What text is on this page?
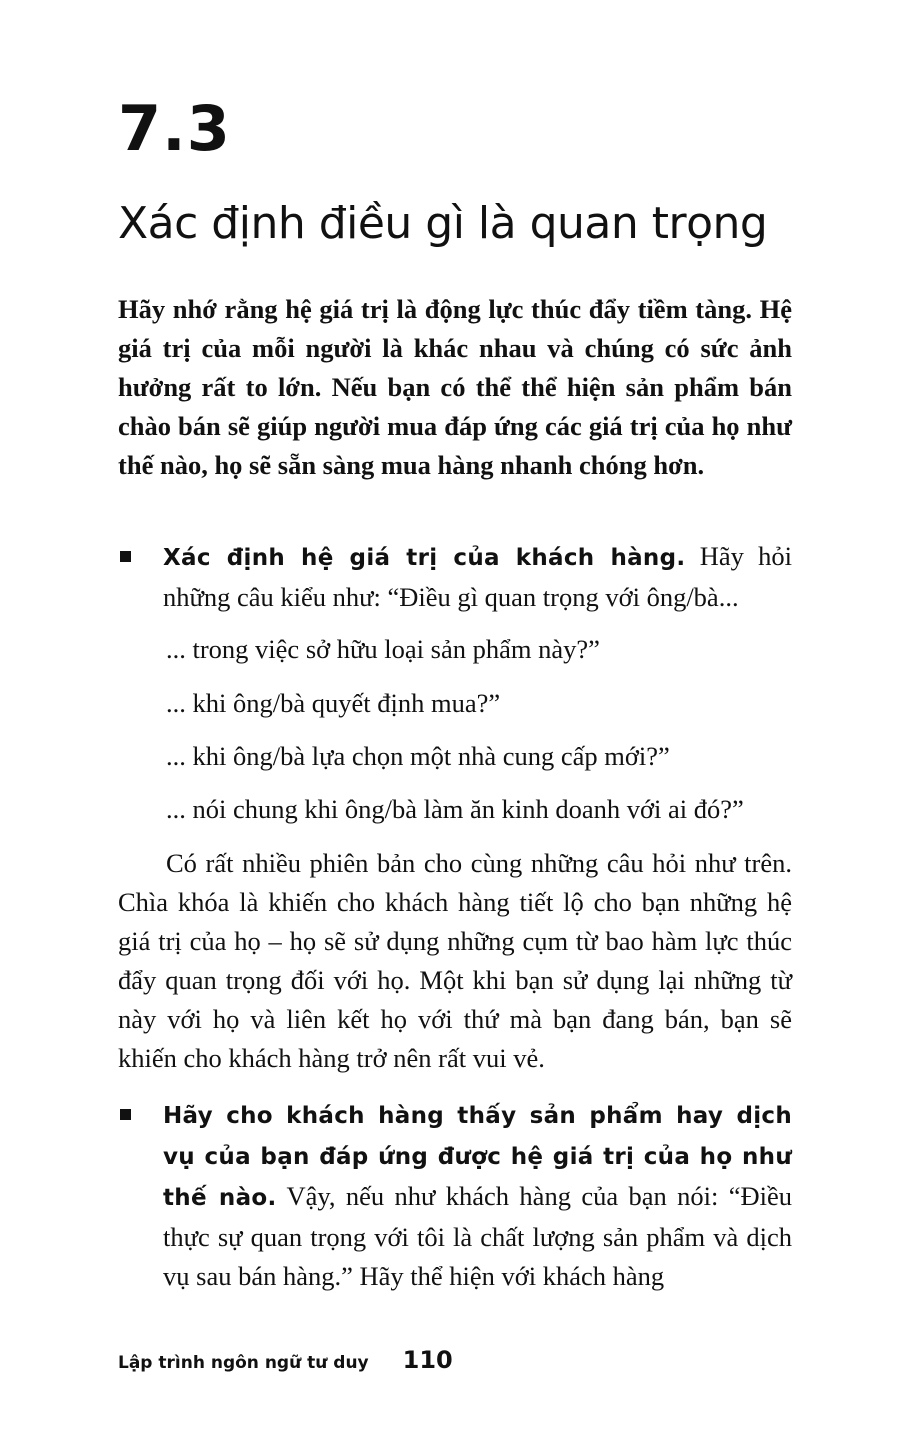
7.3
Xác định điều gì là quan trọng

Hãy nhớ rằng hệ giá trị là động lực thúc đẩy tiềm tàng. Hệ giá trị của mỗi người là khác nhau và chúng có sức ảnh hưởng rất to lớn. Nếu bạn có thể thể hiện sản phẩm bán chào bán sẽ giúp người mua đáp ứng các giá trị của họ như thế nào, họ sẽ sẵn sàng mua hàng nhanh chóng hơn.

Xác định hệ giá trị của khách hàng. Hãy hỏi những câu kiểu như: “Điều gì quan trọng với ông/bà...

... trong việc sở hữu loại sản phẩm này?”

... khi ông/bà quyết định mua?”

... khi ông/bà lựa chọn một nhà cung cấp mới?”

... nói chung khi ông/bà làm ăn kinh doanh với ai đó?”

Có rất nhiều phiên bản cho cùng những câu hỏi như trên. Chìa khóa là khiến cho khách hàng tiết lộ cho bạn những hệ giá trị của họ – họ sẽ sử dụng những cụm từ bao hàm lực thúc đẩy quan trọng đối với họ. Một khi bạn sử dụng lại những từ này với họ và liên kết họ với thứ mà bạn đang bán, bạn sẽ khiến cho khách hàng trở nên rất vui vẻ.

Hãy cho khách hàng thấy sản phẩm hay dịch vụ của bạn đáp ứng được hệ giá trị của họ như thế nào. Vậy, nếu như khách hàng của bạn nói: “Điều thực sự quan trọng với tôi là chất lượng sản phẩm và dịch vụ sau bán hàng.” Hãy thể hiện với khách hàng

Lập trình ngôn ngữ tư duy 110
